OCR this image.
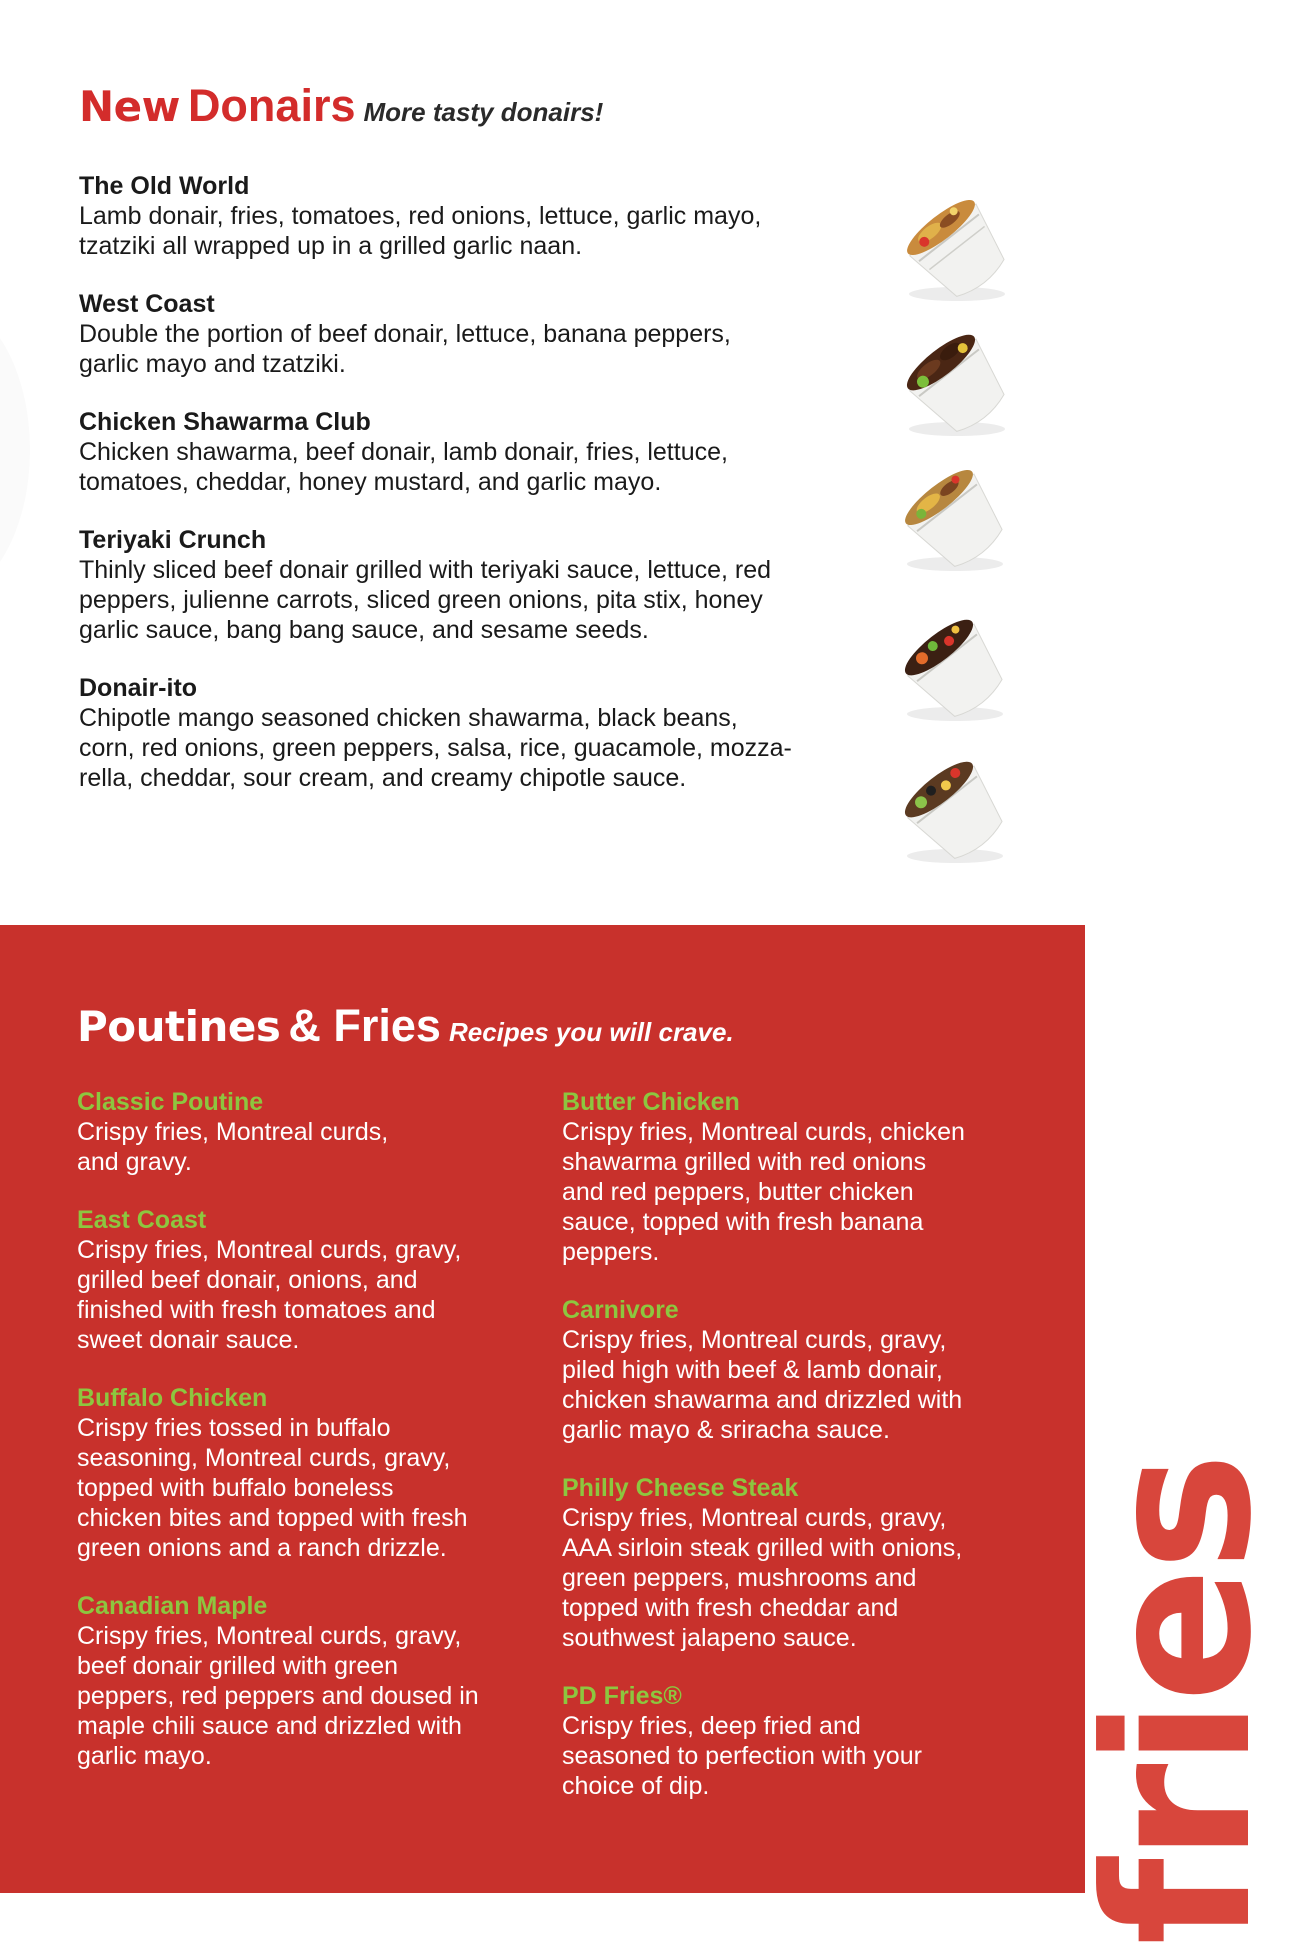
New Donairs More tasty donairs!
The Old World
Lamb donair, fries, tomatoes, red onions, lettuce, garlic mayo,
tzatziki all wrapped up in a grilled garlic naan.
West Coast
Double the portion of beef donair, lettuce, banana peppers,
garlic mayo and tzatziki.
Chicken Shawarma Club
Chicken shawarma, beef donair, lamb donair, fries, lettuce,
tomatoes, cheddar, honey mustard, and garlic mayo.
Teriyaki Crunch
Thinly sliced beef donair grilled with teriyaki sauce, lettuce, red
peppers, julienne carrots, sliced green onions, pita stix, honey
garlic sauce, bang bang sauce, and sesame seeds.
Donair-ito
Chipotle mango seasoned chicken shawarma, black beans,
corn, red onions, green peppers, salsa, rice, guacamole, mozza-
rella, cheddar, sour cream, and creamy chipotle sauce.
fries
Poutines & Fries Recipes you will crave.
Classic Poutine
Crispy fries, Montreal curds,
and gravy.
East Coast
Crispy fries, Montreal curds, gravy,
grilled beef donair, onions, and
finished with fresh tomatoes and
sweet donair sauce.
Buffalo Chicken
Crispy fries tossed in buffalo
seasoning, Montreal curds, gravy,
topped with buffalo boneless
chicken bites and topped with fresh
green onions and a ranch drizzle.
Canadian Maple
Crispy fries, Montreal curds, gravy,
beef donair grilled with green
peppers, red peppers and doused in
maple chili sauce and drizzled with
garlic mayo.
Butter Chicken
Crispy fries, Montreal curds, chicken
shawarma grilled with red onions
and red peppers, butter chicken
sauce, topped with fresh banana
peppers.
Carnivore
Crispy fries, Montreal curds, gravy,
piled high with beef & lamb donair,
chicken shawarma and drizzled with
garlic mayo & sriracha sauce.
Philly Cheese Steak
Crispy fries, Montreal curds, gravy,
AAA sirloin steak grilled with onions,
green peppers, mushrooms and
topped with fresh cheddar and
southwest jalapeno sauce.
PD Fries®
Crispy fries, deep fried and
seasoned to perfection with your
choice of dip.
